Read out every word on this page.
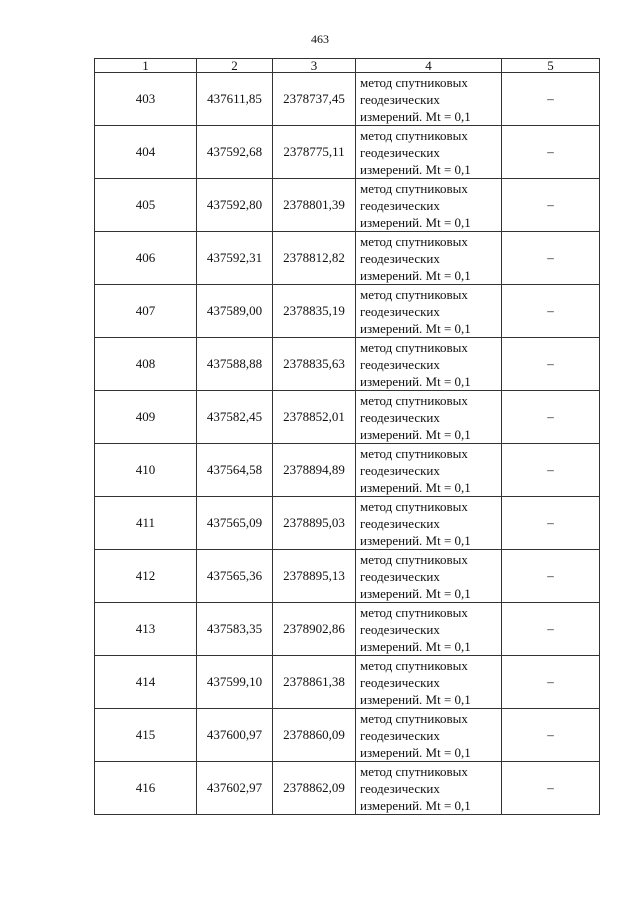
463
1	2	3	4	5
403	437611,85	2378737,45	метод спутниковых
геодезических
измерений. Mt = 0,1	–
404	437592,68	2378775,11	метод спутниковых
геодезических
измерений. Mt = 0,1	–
405	437592,80	2378801,39	метод спутниковых
геодезических
измерений. Mt = 0,1	–
406	437592,31	2378812,82	метод спутниковых
геодезических
измерений. Mt = 0,1	–
407	437589,00	2378835,19	метод спутниковых
геодезических
измерений. Mt = 0,1	–
408	437588,88	2378835,63	метод спутниковых
геодезических
измерений. Mt = 0,1	–
409	437582,45	2378852,01	метод спутниковых
геодезических
измерений. Mt = 0,1	–
410	437564,58	2378894,89	метод спутниковых
геодезических
измерений. Mt = 0,1	–
411	437565,09	2378895,03	метод спутниковых
геодезических
измерений. Mt = 0,1	–
412	437565,36	2378895,13	метод спутниковых
геодезических
измерений. Mt = 0,1	–
413	437583,35	2378902,86	метод спутниковых
геодезических
измерений. Mt = 0,1	–
414	437599,10	2378861,38	метод спутниковых
геодезических
измерений. Mt = 0,1	–
415	437600,97	2378860,09	метод спутниковых
геодезических
измерений. Mt = 0,1	–
416	437602,97	2378862,09	метод спутниковых
геодезических
измерений. Mt = 0,1	–
